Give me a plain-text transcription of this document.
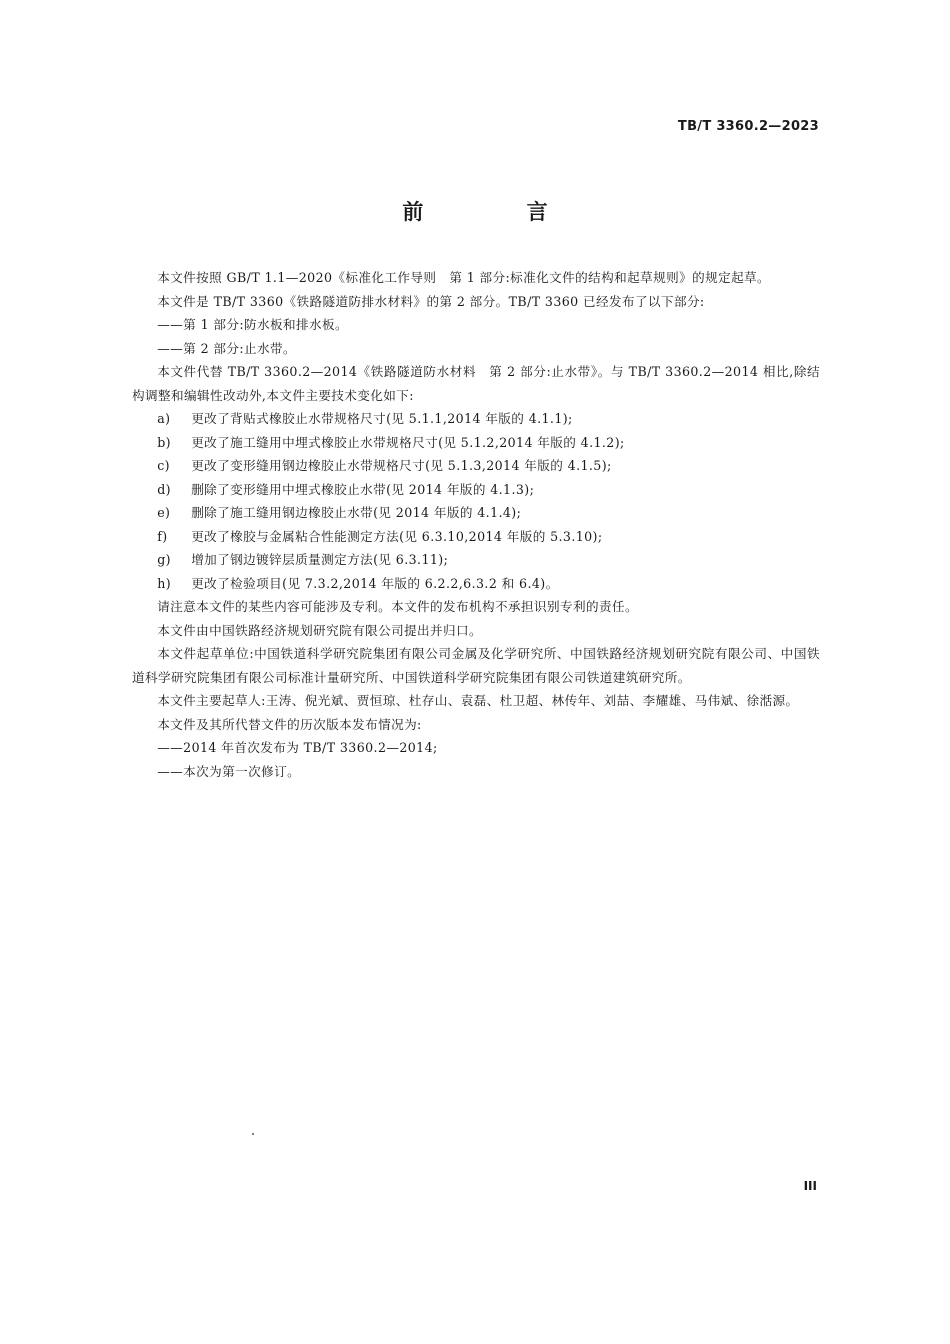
TB/T 3360.2—2023
前 言

本文件按照 GB/T 1.1—2020《标准化工作导则　第 1 部分:标准化文件的结构和起草规则》的规定起草。

本文件是 TB/T 3360《铁路隧道防排水材料》的第 2 部分。TB/T 3360 已经发布了以下部分:

——第 1 部分:防水板和排水板。

——第 2 部分:止水带。

本文件代替 TB/T 3360.2—2014《铁路隧道防水材料　第 2 部分:止水带》。与 TB/T 3360.2—2014 相比,除结构调整和编辑性改动外,本文件主要技术变化如下:

a) 更改了背贴式橡胶止水带规格尺寸(见 5.1.1,2014 年版的 4.1.1);

b) 更改了施工缝用中埋式橡胶止水带规格尺寸(见 5.1.2,2014 年版的 4.1.2);

c) 更改了变形缝用钢边橡胶止水带规格尺寸(见 5.1.3,2014 年版的 4.1.5);

d) 删除了变形缝用中埋式橡胶止水带(见 2014 年版的 4.1.3);

e) 删除了施工缝用钢边橡胶止水带(见 2014 年版的 4.1.4);

f) 更改了橡胶与金属粘合性能测定方法(见 6.3.10,2014 年版的 5.3.10);

g) 增加了钢边镀锌层质量测定方法(见 6.3.11);

h) 更改了检验项目(见 7.3.2,2014 年版的 6.2.2,6.3.2 和 6.4)。

请注意本文件的某些内容可能涉及专利。本文件的发布机构不承担识别专利的责任。

本文件由中国铁路经济规划研究院有限公司提出并归口。

本文件起草单位:中国铁道科学研究院集团有限公司金属及化学研究所、中国铁路经济规划研究院有限公司、中国铁道科学研究院集团有限公司标准计量研究所、中国铁道科学研究院集团有限公司铁道建筑研究所。

本文件主要起草人:王涛、倪光斌、贾恒琼、杜存山、袁磊、杜卫超、林传年、刘喆、李耀雄、马伟斌、徐湉源。

本文件及其所代替文件的历次版本发布情况为:

——2014 年首次发布为 TB/T 3360.2—2014;

——本次为第一次修订。

III
